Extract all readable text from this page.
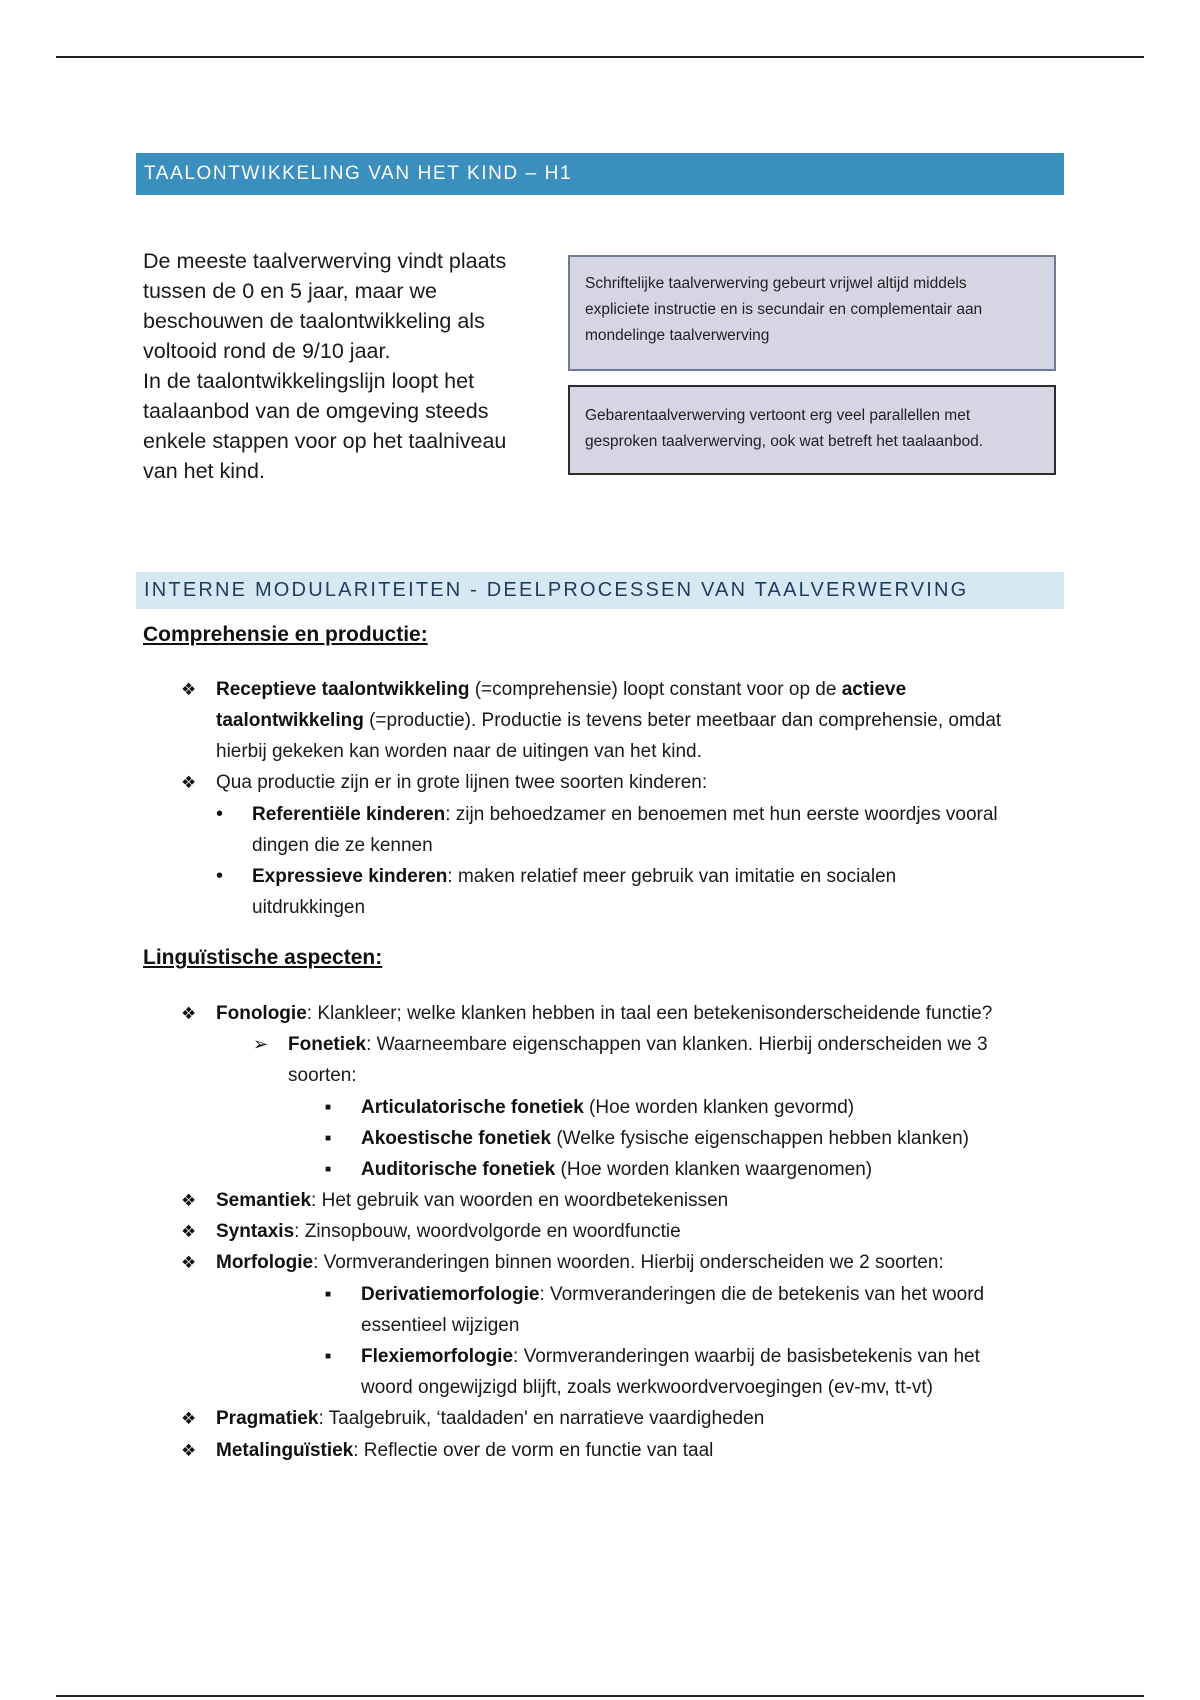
TAALONTWIKKELING VAN HET KIND – H1
De meeste taalverwerving vindt plaats
tussen de 0 en 5 jaar, maar we
beschouwen de taalontwikkeling als
voltooid rond de 9/10 jaar.
In de taalontwikkelingslijn loopt het
taalaanbod van de omgeving steeds
enkele stappen voor op het taalniveau
van het kind.
Schriftelijke taalverwerving gebeurt vrijwel altijd middels
expliciete instructie en is secundair en complementair aan
mondelinge taalverwerving
Gebarentaalverwerving vertoont erg veel parallellen met
gesproken taalverwerving, ook wat betreft het taalaanbod.
INTERNE MODULARITEITEN - DEELPROCESSEN VAN TAALVERWERVING
Comprehensie en productie:
❖ Receptieve taalontwikkeling (=comprehensie) loopt constant voor op de actieve
taalontwikkeling (=productie). Productie is tevens beter meetbaar dan comprehensie, omdat
hierbij gekeken kan worden naar de uitingen van het kind.
❖ Qua productie zijn er in grote lijnen twee soorten kinderen:
• Referentiële kinderen: zijn behoedzamer en benoemen met hun eerste woordjes vooral
dingen die ze kennen
• Expressieve kinderen: maken relatief meer gebruik van imitatie en socialen
uitdrukkingen
Linguïstische aspecten:
❖ Fonologie: Klankleer; welke klanken hebben in taal een betekenisonderscheidende functie?
➢ Fonetiek: Waarneembare eigenschappen van klanken. Hierbij onderscheiden we 3
soorten:
■ Articulatorische fonetiek (Hoe worden klanken gevormd)
■ Akoestische fonetiek (Welke fysische eigenschappen hebben klanken)
■ Auditorische fonetiek (Hoe worden klanken waargenomen)
❖ Semantiek: Het gebruik van woorden en woordbetekenissen
❖ Syntaxis: Zinsopbouw, woordvolgorde en woordfunctie
❖ Morfologie: Vormveranderingen binnen woorden. Hierbij onderscheiden we 2 soorten:
■ Derivatiemorfologie: Vormveranderingen die de betekenis van het woord
essentieel wijzigen
■ Flexiemorfologie: Vormveranderingen waarbij de basisbetekenis van het
woord ongewijzigd blijft, zoals werkwoordvervoegingen (ev-mv, tt-vt)
❖ Pragmatiek: Taalgebruik, ‘taaldaden' en narratieve vaardigheden
❖ Metalinguïstiek: Reflectie over de vorm en functie van taal
